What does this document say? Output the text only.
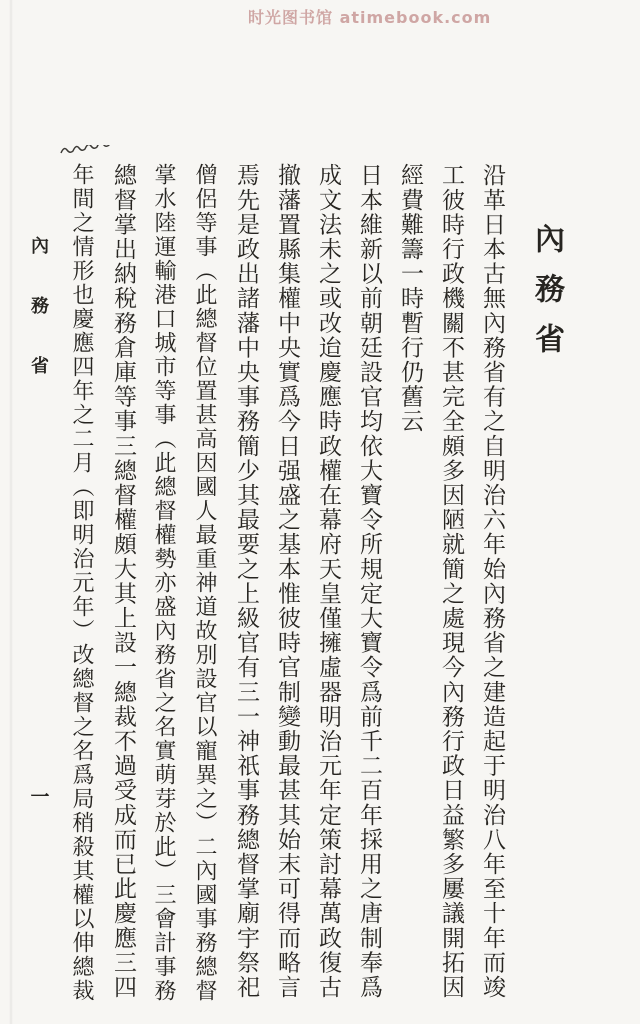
时光图书馆 atimebook.com
內務省
沿革日本古無內務省有之自明治六年始內務省之建造起于明治八年至十年而竣
工彼時行政機關不甚完全頗多因陋就簡之處現今內務行政日益繁多屢議開拓因
經費難籌一時暫行仍舊云
日本維新以前朝廷設官均依大寶令所規定大寶令爲前千二百年採用之唐制奉爲
成文法未之或改迨慶應時政權在幕府天皇僅擁虛器明治元年定策討幕萬政復古
撤藩置縣集權中央實爲今日强盛之基本惟彼時官制變動最甚其始末可得而略言
焉先是政出諸藩中央事務簡少其最要之上級官有三一神祇事務總督掌廟宇祭祀
僧侶等事（此總督位置甚高因國人最重神道故別設官以寵異之）二內國事務總督
掌水陸運輸港口城市等事（此總督權勢亦盛內務省之名實萌芽於此）三會計事務
總督掌出納稅務倉庫等事三總督權頗大其上設一總裁不過受成而已此慶應三四
年間之情形也慶應四年之二月（即明治元年）改總督之名爲局稍殺其權以伸總裁
內務省
一
